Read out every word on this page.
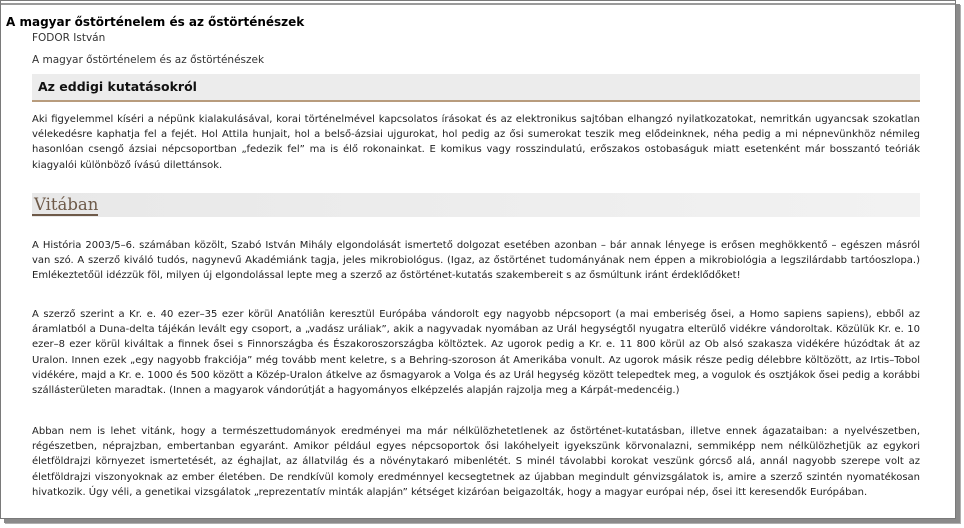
A magyar őstörténelem és az őstörténészek
FODOR István
A magyar őstörténelem és az őstörténészek
Az eddigi kutatásokról

Aki figyelemmel kíséri a népünk kialakulásával, korai történelmével kapcsolatos írásokat és az elektronikus sajtóban elhangzó nyilatkozatokat, nemritkán ugyancsak szokatlan vélekedésre kaphatja fel a fejét. Hol Attila hunjait, hol a belső-ázsiai ujgurokat, hol pedig az ősi sumerokat teszik meg elődeinknek, néha pedig a mi népnevünkhöz némileg hasonlóan csengő ázsiai népcsoportban „fedezik fel” ma is élő rokonainkat. E komikus vagy rosszindulatú, erőszakos ostobaságuk miatt esetenként már bosszantó teóriák kiagyalói különböző ívású dilettánsok.

Vitában

A História 2003/5–6. számában közölt, Szabó István Mihály elgondolását ismertető dolgozat esetében azonban – bár annak lényege is erősen meghökkentő – egészen másról van szó. A szerző kiváló tudós, nagynevű Akadémiánk tagja, jeles mikrobiológus. (Igaz, az őstörténet tudományának nem éppen a mikrobiológia a legszilárdabb tartóoszlopa.) Emlékeztetőül idézzük föl, milyen új elgondolással lepte meg a szerző az őstörténet-kutatás szakembereit s az ősmúltunk iránt érdeklődőket!

A szerző szerint a Kr. e. 40 ezer–35 ezer körül Anatóliân keresztül Európába vándorolt egy nagyobb népcsoport (a mai emberiség ősei, a Homo sapiens sapiens), ebből az áramlatból a Duna-delta tájékán levált egy csoport, a „vadász uráliak”, akik a nagyvadak nyomában az Urál hegységtől nyugatra elterülő vidékre vándoroltak. Közülük Kr. e. 10 ezer–8 ezer körül kiváltak a finnek ősei s Finnországba és Északoroszországba költöztek. Az ugorok pedig a Kr. e. 11 800 körül az Ob alsó szakasza vidékére húzódtak át az Uralon. Innen ezek „egy nagyobb frakciója” még tovább ment keletre, s a Behring-szoroson át Amerikába vonult. Az ugorok másik része pedig délebbre költözött, az Irtis–Tobol vidékére, majd a Kr. e. 1000 és 500 között a Közép-Uralon átkelve az ősmagyarok a Volga és az Urál hegység között telepedtek meg, a vogulok és osztjákok ősei pedig a korábbi szállásterületen maradtak. (Innen a magyarok vándorútját a hagyományos elképzelés alapján rajzolja meg a Kárpát-medencéig.)

Abban nem is lehet vitánk, hogy a természettudományok eredményei ma már nélkülözhetetlenek az őstörténet-kutatásban, illetve ennek ágazataiban: a nyelvészetben, régészetben, néprajzban, embertanban egyaránt. Amikor például egyes népcsoportok ősi lakóhelyeit igyekszünk körvonalazni, semmiképp nem nélkülözhetjük az egykori életföldrajzi környezet ismertetését, az éghajlat, az állatvilág és a növénytakaró mibenlétét. S minél távolabbi korokat veszünk górcső alá, annál nagyobb szerepe volt az életföldrajzi viszonyoknak az ember életében. De rendkívül komoly eredménnyel kecsegtetnek az újabban megindult génvizsgálatok is, amire a szerző szintén nyomatékosan hivatkozik. Úgy véli, a genetikai vizsgálatok „reprezentatív minták alapján” kétséget kizáróan beigazolták, hogy a magyar európai nép, ősei itt keresendők Európában.
